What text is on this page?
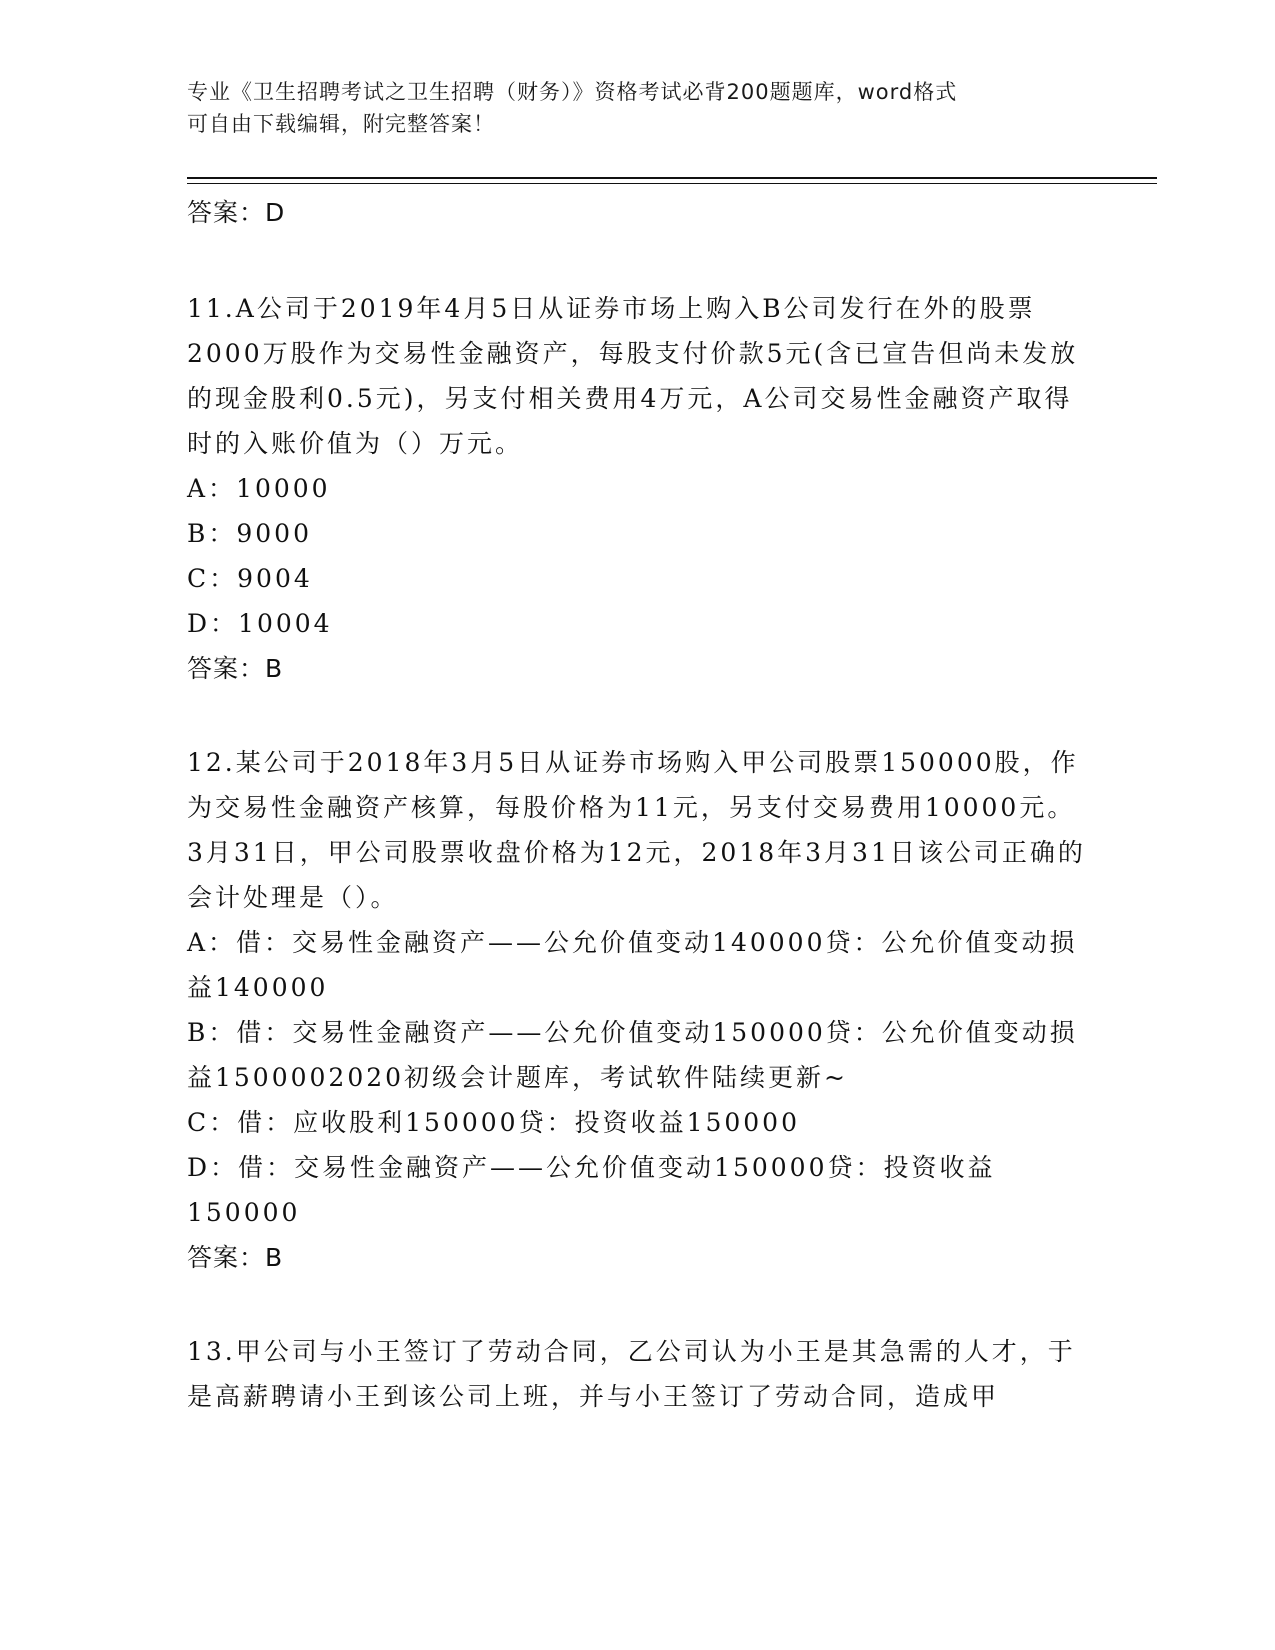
专业《卫生招聘考试之卫生招聘（财务）》资格考试必背200题题库，word格式
可自由下载编辑，附完整答案！
答案：D
11.A公司于2019年4月5日从证券市场上购入B公司发行在外的股票2000万股作为交易性金融资产，每股支付价款5元(含已宣告但尚未发放的现金股利0.5元)，另支付相关费用4万元，A公司交易性金融资产取得时的入账价值为（）万元。
A：10000
B：9000
C：9004
D：10004
答案：B
12.某公司于2018年3月5日从证券市场购入甲公司股票150000股，作为交易性金融资产核算，每股价格为11元，另支付交易费用10000元。3月31日，甲公司股票收盘价格为12元，2018年3月31日该公司正确的会计处理是（）。
A：借：交易性金融资产——公允价值变动140000贷：公允价值变动损益140000
B：借：交易性金融资产——公允价值变动150000贷：公允价值变动损益1500002020初级会计题库，考试软件陆续更新~
C：借：应收股利150000贷：投资收益150000
D：借：交易性金融资产——公允价值变动150000贷：投资收益150000
答案：B
13.甲公司与小王签订了劳动合同，乙公司认为小王是其急需的人才，于是高薪聘请小王到该公司上班，并与小王签订了劳动合同，造成甲
